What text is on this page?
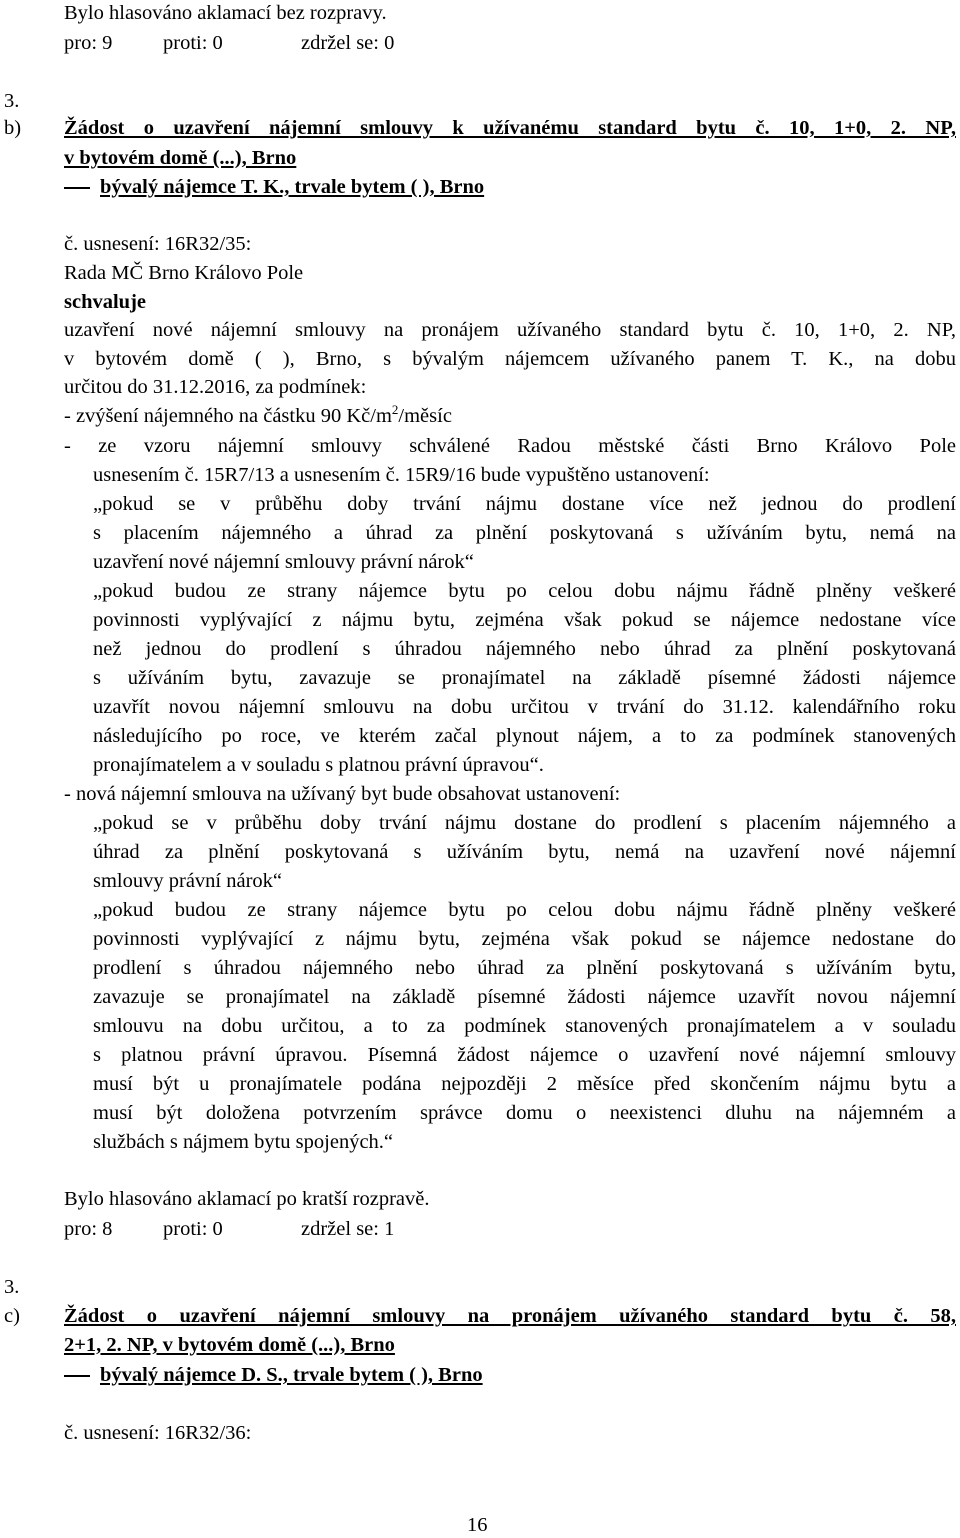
Bylo hlasováno aklamací bez rozpravy.
pro: 9 proti: 0	zdržel se: 0
3.
b) Žádost o uzavření nájemní smlouvy k užívanému standard bytu č. 10, 1+0, 2. NP,
v bytovém domě (...), Brno
bývalý nájemce T. K., trvale bytem ( ), Brno
č. usnesení: 16R32/35:
Rada MČ Brno Královo Pole
schvaluje
uzavření nové nájemní smlouvy na pronájem užívaného standard bytu č. 10, 1+0, 2. NP,
v bytovém domě ( ), Brno, s bývalým nájemcem užívaného panem T. K., na dobu
určitou do 31.12.2016, za podmínek:
- zvýšení nájemného na částku 90 $Kč/m^2$/měsíc
- ze vzoru nájemní smlouvy schválené Radou městské části Brno Královo Pole
usnesením č. 15R7/13 a usnesením č. 15R9/16 bude vypuštěno ustanovení:
„pokud se v průběhu doby trvání nájmu dostane více než jednou do prodlení
s placením nájemného a úhrad za plnění poskytovaná s užíváním bytu, nemá na
uzavření nové nájemní smlouvy právní nárok“
„pokud budou ze strany nájemce bytu po celou dobu nájmu řádně plněny veškeré
povinnosti vyplývající z nájmu bytu, zejména však pokud se nájemce nedostane více
než jednou do prodlení s úhradou nájemného nebo úhrad za plnění poskytovaná
s užíváním bytu, zavazuje se pronajímatel na základě písemné žádosti nájemce
uzavřít novou nájemní smlouvu na dobu určitou v trvání do 31.12. kalendářního roku
následujícího po roce, ve kterém začal plynout nájem, a to za podmínek stanovených
pronajímatelem a v souladu s platnou právní úpravou“.
- nová nájemní smlouva na užívaný byt bude obsahovat ustanovení:
„pokud se v průběhu doby trvání nájmu dostane do prodlení s placením nájemného a
úhrad za plnění poskytovaná s užíváním bytu, nemá na uzavření nové nájemní
smlouvy právní nárok“
„pokud budou ze strany nájemce bytu po celou dobu nájmu řádně plněny veškeré
povinnosti vyplývající z nájmu bytu, zejména však pokud se nájemce nedostane do
prodlení s úhradou nájemného nebo úhrad za plnění poskytovaná s užíváním bytu,
zavazuje se pronajímatel na základě písemné žádosti nájemce uzavřít novou nájemní
smlouvu na dobu určitou, a to za podmínek stanovených pronajímatelem a v souladu
s platnou právní úpravou. Písemná žádost nájemce o uzavření nové nájemní smlouvy
musí být u pronajímatele podána nejpozději 2 měsíce před skončením nájmu bytu a
musí být doložena potvrzením správce domu o neexistenci dluhu na nájemném a
službách s nájmem bytu spojených.“
Bylo hlasováno aklamací po kratší rozpravě.
pro: 8 proti: 0	zdržel se: 1
3.
c) Žádost o uzavření nájemní smlouvy na pronájem užívaného standard bytu č. 58,
2+1, 2. NP, v bytovém domě (...), Brno
bývalý nájemce D. S., trvale bytem ( ), Brno
č. usnesení: 16R32/36:
16
